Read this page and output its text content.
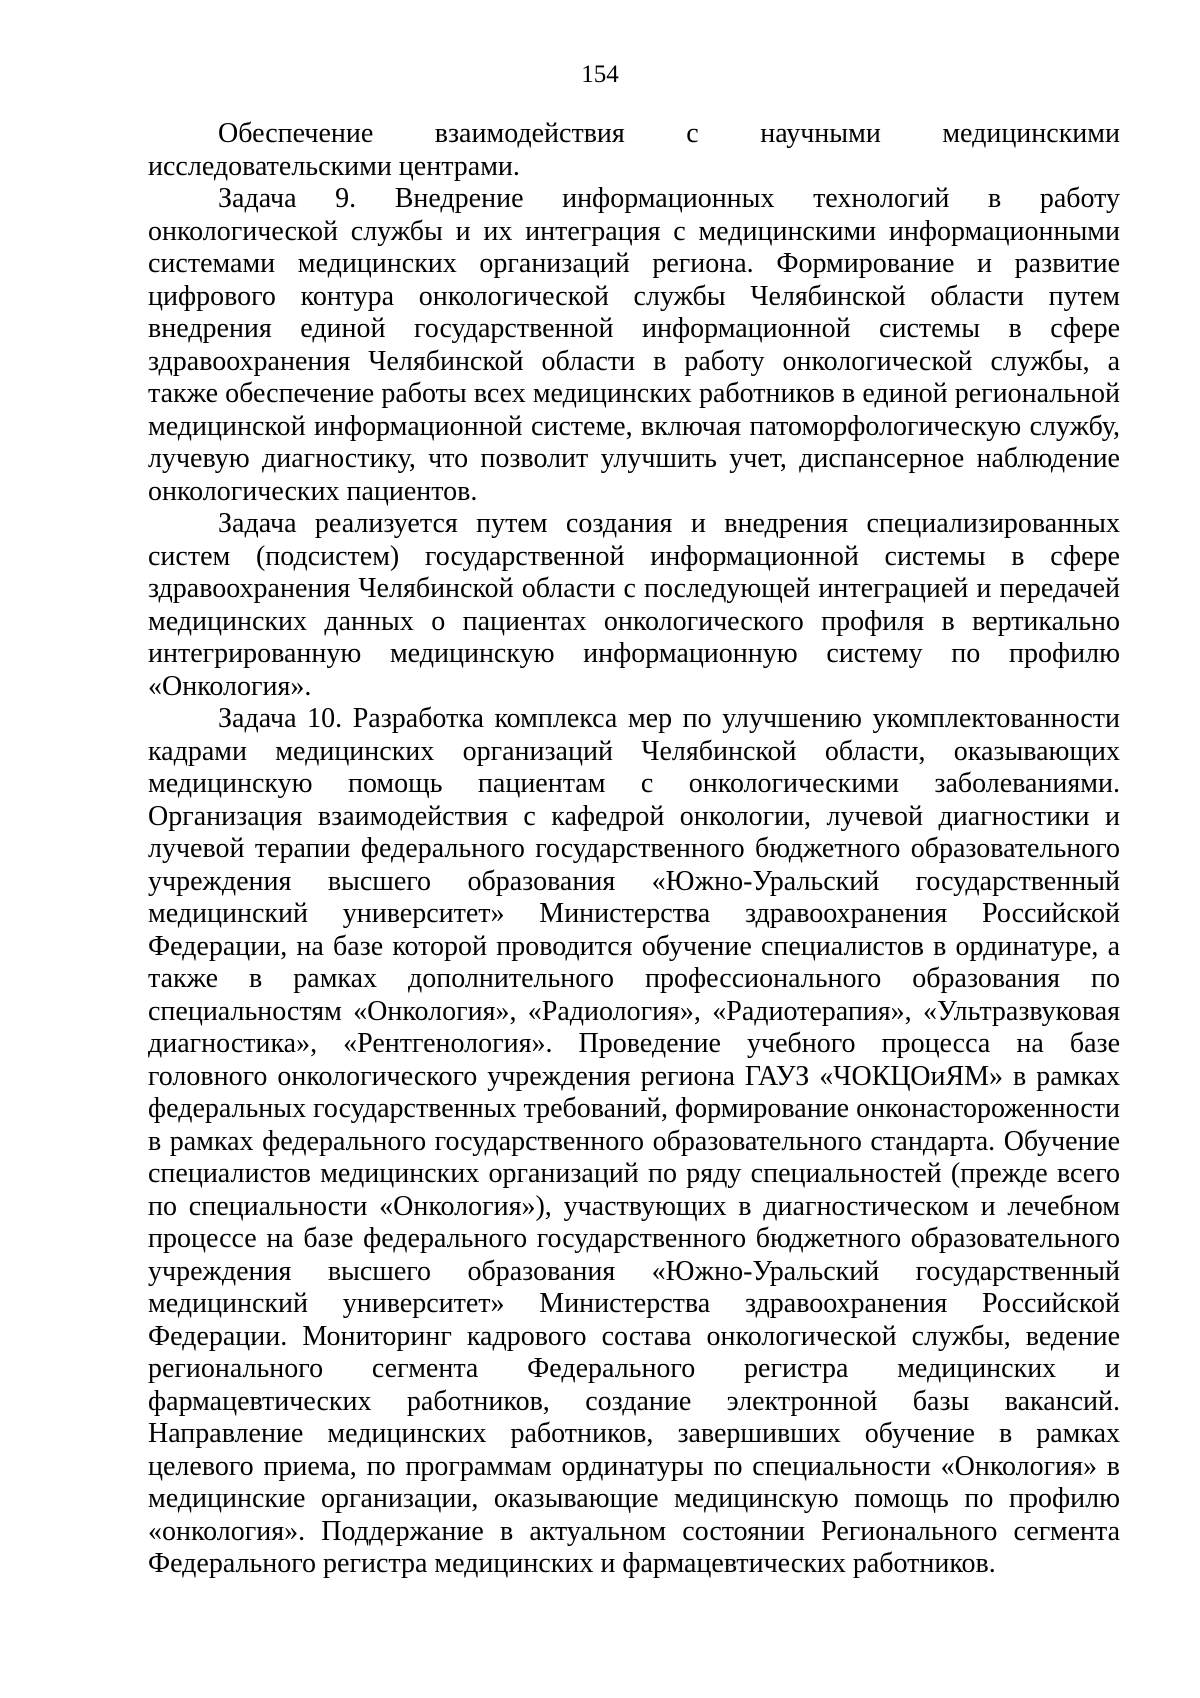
154

Обеспечение взаимодействия с научными медицинскими исследовательскими центрами.

Задача 9. Внедрение информационных технологий в работу онкологической службы и их интеграция с медицинскими информационными системами медицинских организаций региона. Формирование и развитие цифрового контура онкологической службы Челябинской области путем внедрения единой государственной информационной системы в сфере здравоохранения Челябинской области в работу онкологической службы, а также обеспечение работы всех медицинских работников в единой региональной медицинской информационной системе, включая патоморфологическую службу, лучевую диагностику, что позволит улучшить учет, диспансерное наблюдение онкологических пациентов.

Задача реализуется путем создания и внедрения специализированных систем (подсистем) государственной информационной системы в сфере здравоохранения Челябинской области с последующей интеграцией и передачей медицинских данных о пациентах онкологического профиля в вертикально интегрированную медицинскую информационную систему по профилю «Онкология».

Задача 10. Разработка комплекса мер по улучшению укомплектованности кадрами медицинских организаций Челябинской области, оказывающих медицинскую помощь пациентам с онкологическими заболеваниями. Организация взаимодействия с кафедрой онкологии, лучевой диагностики и лучевой терапии федерального государственного бюджетного образовательного учреждения высшего образования «Южно-Уральский государственный медицинский университет» Министерства здравоохранения Российской Федерации, на базе которой проводится обучение специалистов в ординатуре, а также в рамках дополнительного профессионального образования по специальностям «Онкология», «Радиология», «Радиотерапия», «Ультразвуковая диагностика», «Рентгенология». Проведение учебного процесса на базе головного онкологического учреждения региона ГАУЗ «ЧОКЦОиЯМ» в рамках федеральных государственных требований, формирование онконастороженности в рамках федерального государственного образовательного стандарта. Обучение специалистов медицинских организаций по ряду специальностей (прежде всего по специальности «Онкология»), участвующих в диагностическом и лечебном процессе на базе федерального государственного бюджетного образовательного учреждения высшего образования «Южно-Уральский государственный медицинский университет» Министерства здравоохранения Российской Федерации. Мониторинг кадрового состава онкологической службы, ведение регионального сегмента Федерального регистра медицинских и фармацевтических работников, создание электронной базы вакансий. Направление медицинских работников, завершивших обучение в рамках целевого приема, по программам ординатуры по специальности «Онкология» в медицинские организации, оказывающие медицинскую помощь по профилю «онкология». Поддержание в актуальном состоянии Регионального сегмента Федерального регистра медицинских и фармацевтических работников.
